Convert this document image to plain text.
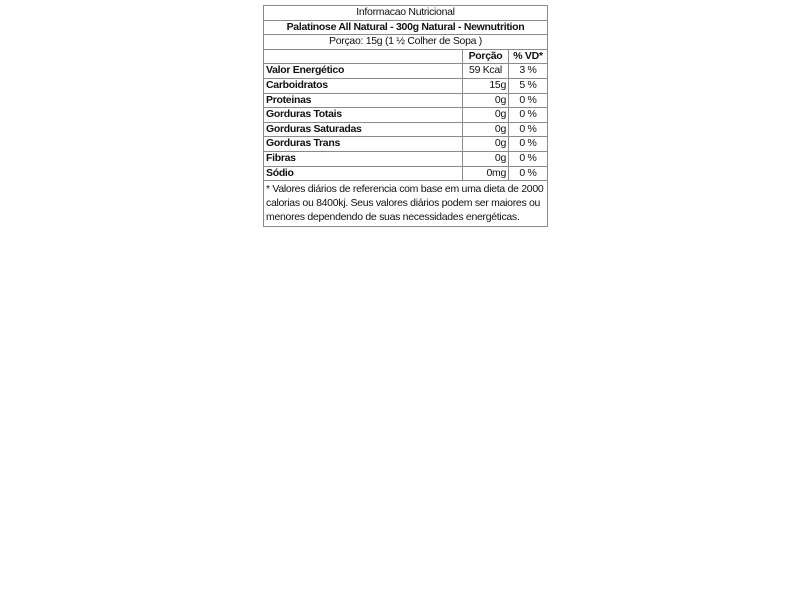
Informacao Nutricional		
Palatinose All Natural - 300g Natural - Newnutrition		
Porçao: 15g (1 ½ Colher de Sopa )		
	Porção	% VD*
Valor Energético	59 Kcal	3 %
Carboidratos	15g	5 %
Proteinas	0g	0 %
Gorduras Totais	0g	0 %
Gorduras Saturadas	0g	0 %
Gorduras Trans	0g	0 %
Fibras	0g	0 %
Sódio	0mg	0 %
* Valores diários de referencia com base em uma dieta de 2000 calorias ou 8400kj. Seus valores diários podem ser maiores ou menores dependendo de suas necessidades energéticas.		
